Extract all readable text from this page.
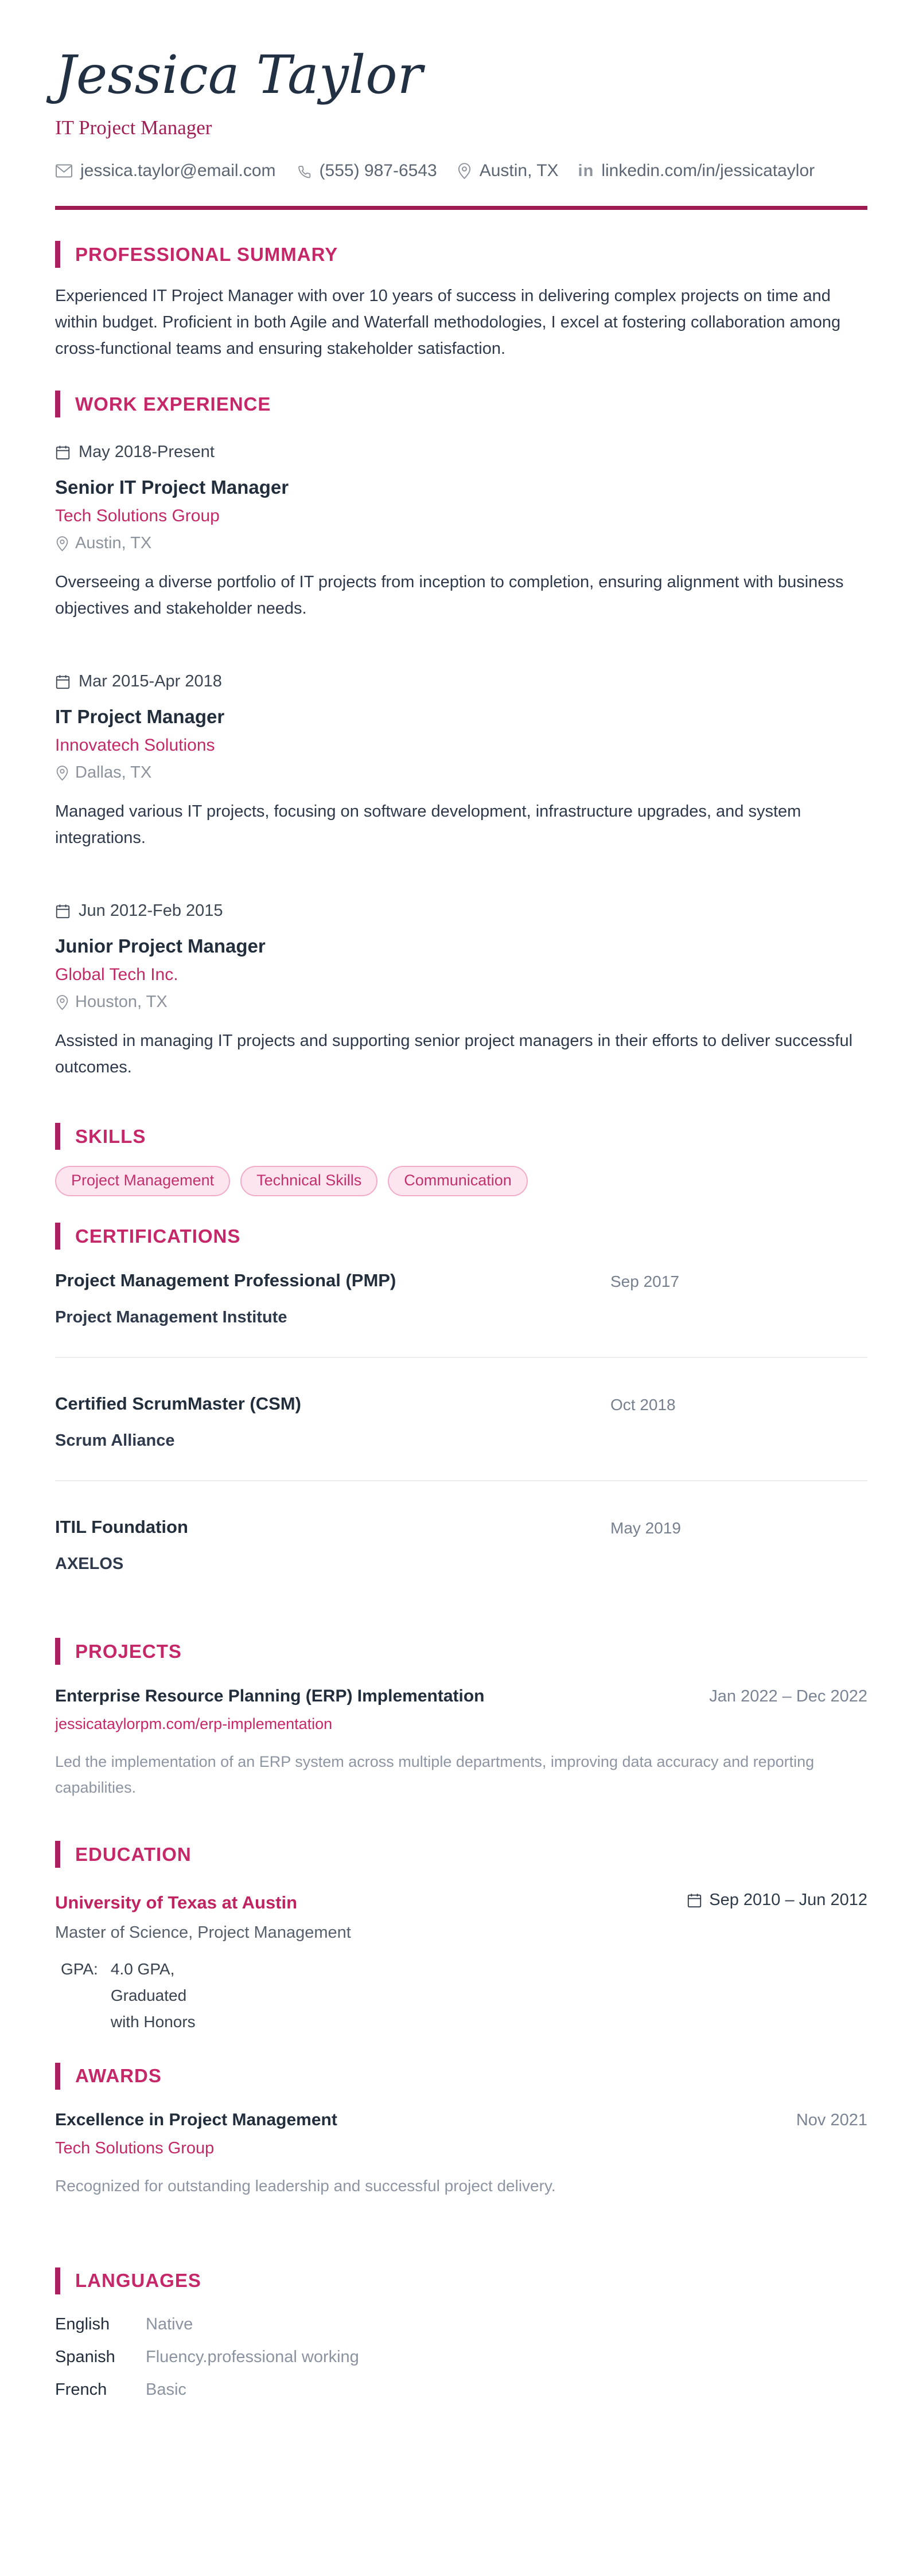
Jessica Taylor
IT Project Manager
jessica.taylor@email.com	(555) 987-6543 Austin, TX in linkedin.com/in/jessicataylor
PROFESSIONAL SUMMARY

Experienced IT Project Manager with over 10 years of success in delivering complex projects on time and within budget. Proficient in both Agile and Waterfall methodologies, I excel at fostering collaboration among cross-functional teams and ensuring stakeholder satisfaction.

WORK EXPERIENCE
May 2018-Present
Senior IT Project Manager
Tech Solutions Group
Austin, TX

Overseeing a diverse portfolio of IT projects from inception to completion, ensuring alignment with business objectives and stakeholder needs.

Mar 2015-Apr 2018
IT Project Manager
Innovatech Solutions
Dallas, TX

Managed various IT projects, focusing on software development, infrastructure upgrades, and system integrations.

Jun 2012-Feb 2015
Junior Project Manager
Global Tech Inc.
Houston, TX

Assisted in managing IT projects and supporting senior project managers in their efforts to deliver successful outcomes.

SKILLS
Project Management	Technical Skills	Communication
CERTIFICATIONS
Project Management Professional (PMP)
Project Management Institute
Sep 2017
Certified ScrumMaster (CSM)
Scrum Alliance
Oct 2018
ITIL Foundation
AXELOS
May 2019
PROJECTS
Enterprise Resource Planning (ERP) Implementation	Jan 2022 – Dec 2022
jessicataylorpm.com/erp-implementation

Led the implementation of an ERP system across multiple departments, improving data accuracy and reporting capabilities.

EDUCATION
University of Texas at Austin	Sep 2010 – Jun 2012
Master of Science, Project Management
GPA: 4.0 GPA,
Graduated
with Honors
AWARDS
Excellence in Project Management	Nov 2021
Tech Solutions Group

Recognized for outstanding leadership and successful project delivery.

LANGUAGES
English	Native
Spanish	Fluency.professional working
French	Basic
